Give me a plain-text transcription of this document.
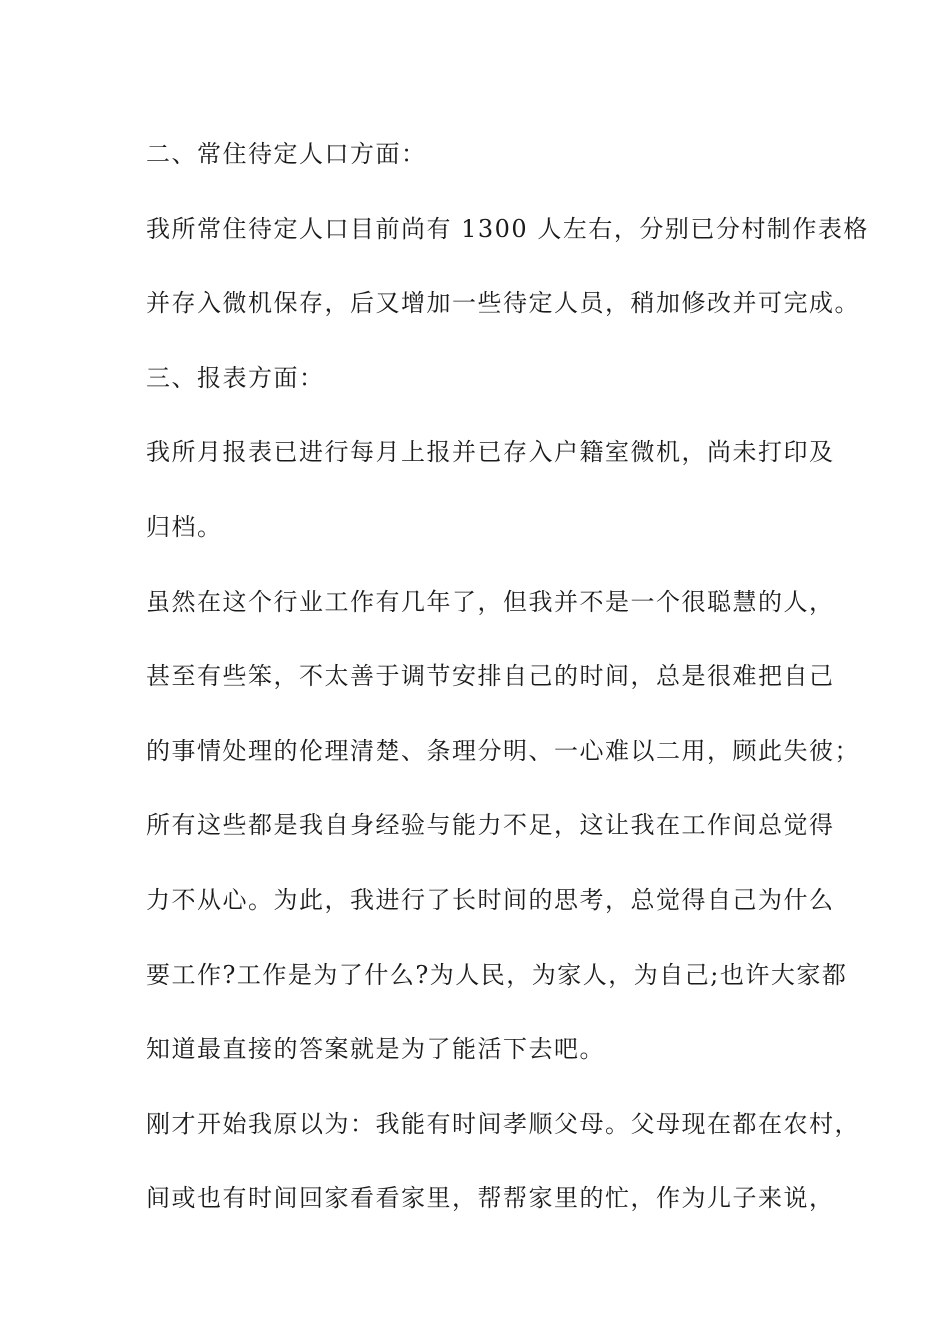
二、常住待定人口方面：
我所常住待定人口目前尚有 1300 人左右，分别已分村制作表格
并存入微机保存，后又增加一些待定人员，稍加修改并可完成。
三、报表方面：
我所月报表已进行每月上报并已存入户籍室微机，尚未打印及
归档。
虽然在这个行业工作有几年了，但我并不是一个很聪慧的人，
甚至有些笨，不太善于调节安排自己的时间，总是很难把自己
的事情处理的伦理清楚、条理分明、一心难以二用，顾此失彼；
所有这些都是我自身经验与能力不足，这让我在工作间总觉得
力不从心。为此，我进行了长时间的思考，总觉得自己为什么
要工作?工作是为了什么?为人民，为家人，为自己;也许大家都
知道最直接的答案就是为了能活下去吧。
刚才开始我原以为：我能有时间孝顺父母。父母现在都在农村，
间或也有时间回家看看家里，帮帮家里的忙，作为儿子来说，
